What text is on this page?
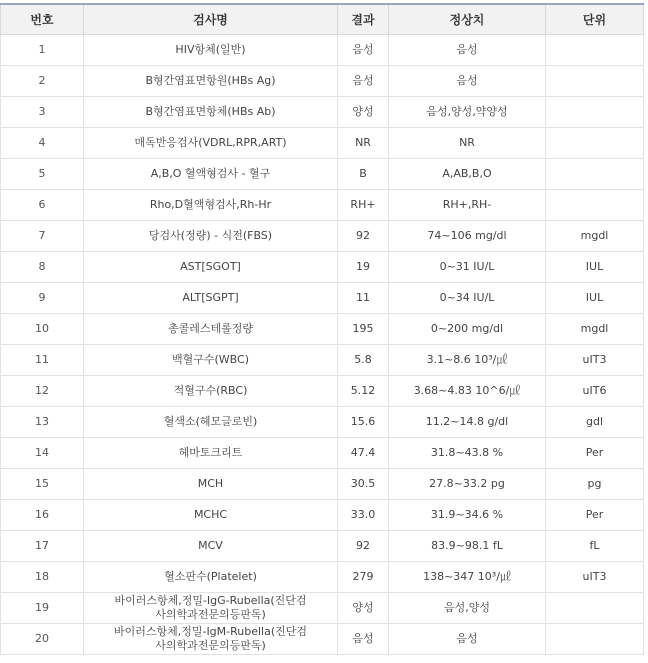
번호	검사명	결과	정상치	단위
1	HIV항체(일반)	음성	음성	
2	B형간염표면항원(HBs Ag)	음성	음성	
3	B형간염표면항체(HBs Ab)	양성	음성,양성,약양성	
4	매독반응검사(VDRL,RPR,ART)	NR	NR	
5	A,B,O 혈액형검사 - 혈구	B	A,AB,B,O	
6	Rho,D혈액형검사,Rh-Hr	RH+	RH+,RH-	
7	당검사(정량) - 식전(FBS)	92	74~106 mg/dl	mgdl
8	AST[SGOT]	19	0~31 IU/L	IUL
9	ALT[SGPT]	11	0~34 IU/L	IUL
10	총콜레스테롤정량	195	0~200 mg/dl	mgdl
11	백혈구수(WBC)	5.8	3.1~8.6 10³/㎕	uIT3
12	적혈구수(RBC)	5.12	3.68~4.83 10^6/㎕	uIT6
13	혈색소(헤모글로빈)	15.6	11.2~14.8 g/dl	gdl
14	헤마토크리트	47.4	31.8~43.8 %	Per
15	MCH	30.5	27.8~33.2 pg	pg
16	MCHC	33.0	31.9~34.6 %	Per
17	MCV	92	83.9~98.1 fL	fL
18	혈소판수(Platelet)	279	138~347 10³/㎕	uIT3
19	바이러스항체,정밀-IgG-Rubella(진단검
사의학과전문의등판독)	양성	음성,양성	
20	바이러스항체,정밀-IgM-Rubella(진단검
사의학과전문의등판독)	음성	음성	
